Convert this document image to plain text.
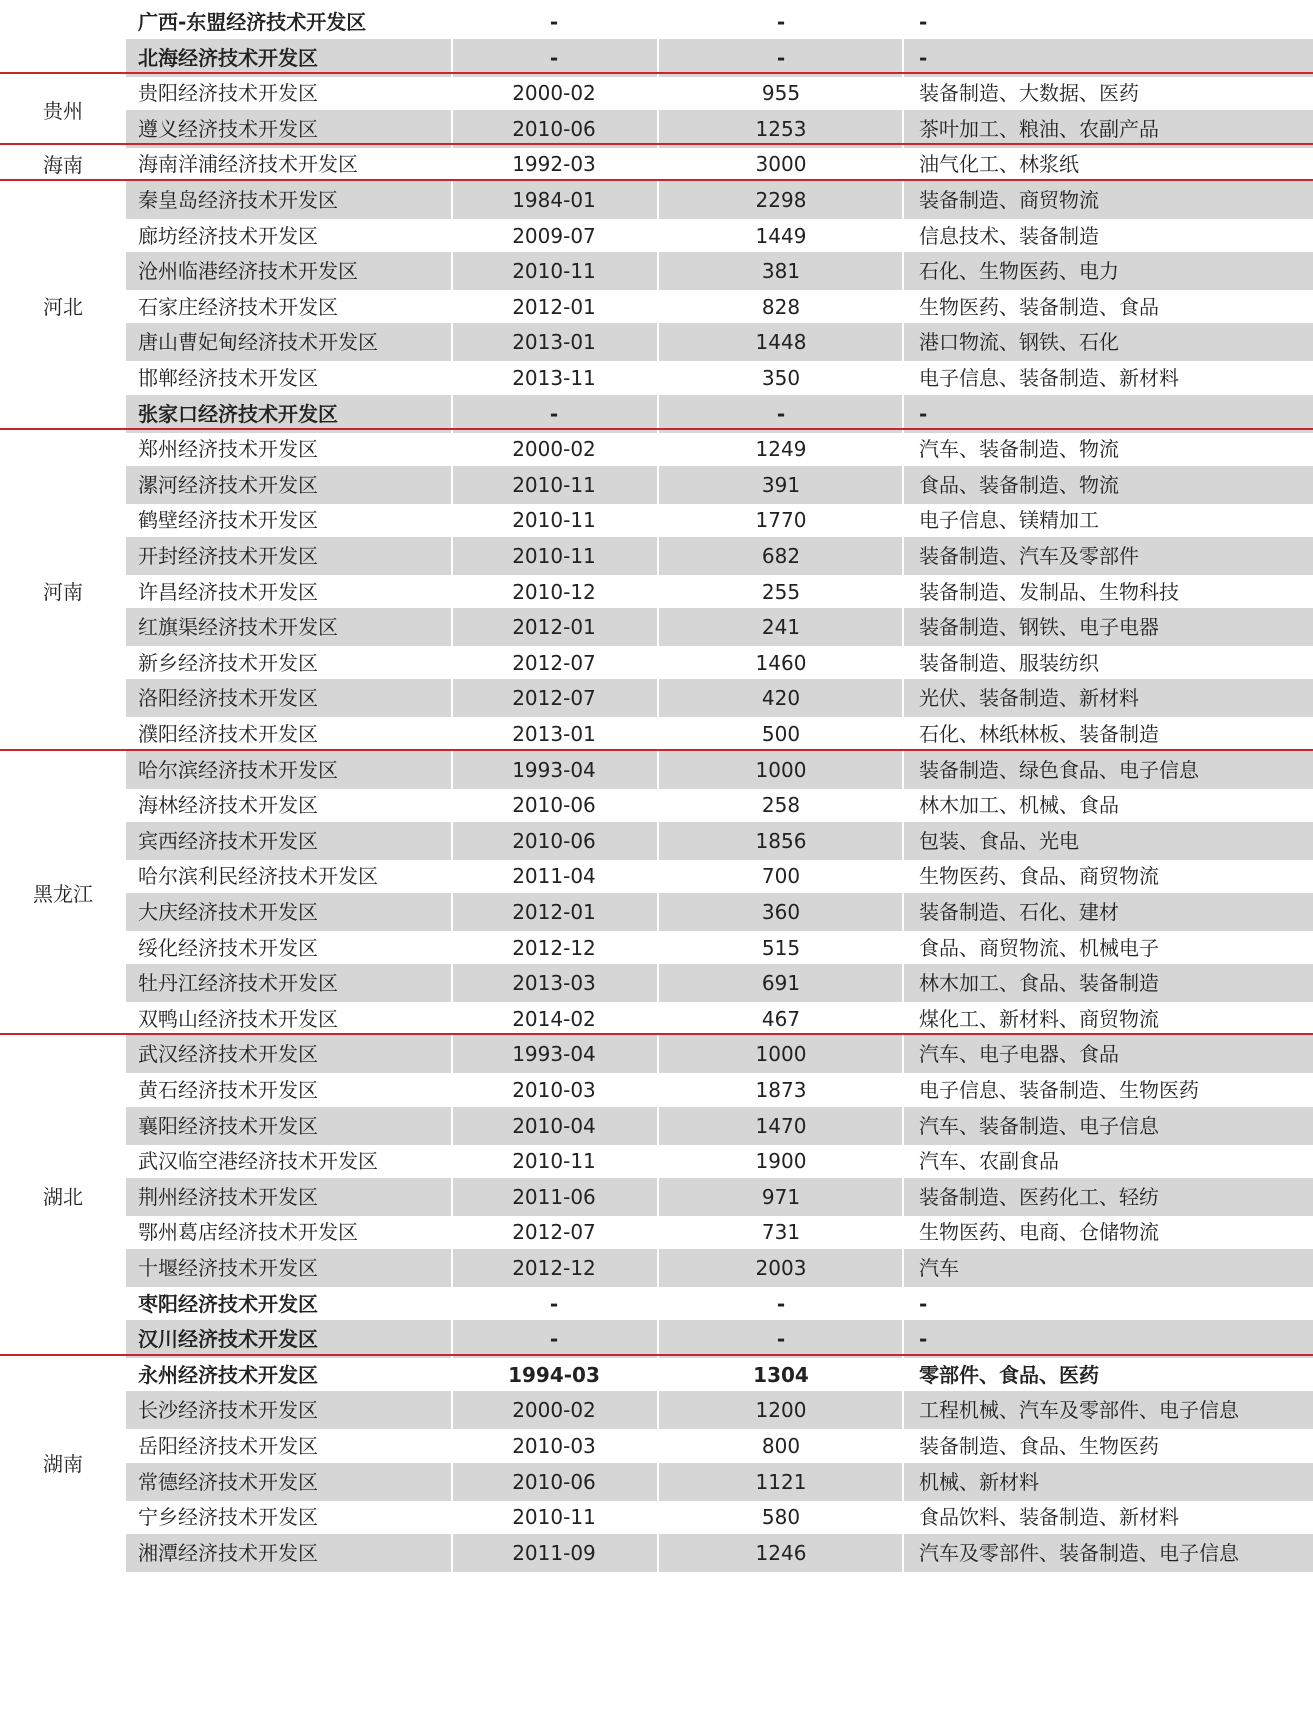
广西-东盟经济技术开发区	-	-	-
北海经济技术开发区	-	-	-
贵阳经济技术开发区	2000-02	955	装备制造、大数据、医药
遵义经济技术开发区	2010-06	1253	茶叶加工、粮油、农副产品
贵州
海南洋浦经济技术开发区	1992-03	3000	油气化工、林浆纸
海南
秦皇岛经济技术开发区	1984-01	2298	装备制造、商贸物流
廊坊经济技术开发区	2009-07	1449	信息技术、装备制造
沧州临港经济技术开发区	2010-11	381	石化、生物医药、电力
石家庄经济技术开发区	2012-01	828	生物医药、装备制造、食品
唐山曹妃甸经济技术开发区	2013-01	1448	港口物流、钢铁、石化
邯郸经济技术开发区	2013-11	350	电子信息、装备制造、新材料
张家口经济技术开发区	-	-	-
河北
郑州经济技术开发区	2000-02	1249	汽车、装备制造、物流
漯河经济技术开发区	2010-11	391	食品、装备制造、物流
鹤壁经济技术开发区	2010-11	1770	电子信息、镁精加工
开封经济技术开发区	2010-11	682	装备制造、汽车及零部件
许昌经济技术开发区	2010-12	255	装备制造、发制品、生物科技
红旗渠经济技术开发区	2012-01	241	装备制造、钢铁、电子电器
新乡经济技术开发区	2012-07	1460	装备制造、服装纺织
洛阳经济技术开发区	2012-07	420	光伏、装备制造、新材料
濮阳经济技术开发区	2013-01	500	石化、林纸林板、装备制造
河南
哈尔滨经济技术开发区	1993-04	1000	装备制造、绿色食品、电子信息
海林经济技术开发区	2010-06	258	林木加工、机械、食品
宾西经济技术开发区	2010-06	1856	包装、食品、光电
哈尔滨利民经济技术开发区	2011-04	700	生物医药、食品、商贸物流
大庆经济技术开发区	2012-01	360	装备制造、石化、建材
绥化经济技术开发区	2012-12	515	食品、商贸物流、机械电子
牡丹江经济技术开发区	2013-03	691	林木加工、食品、装备制造
双鸭山经济技术开发区	2014-02	467	煤化工、新材料、商贸物流
黑龙江
武汉经济技术开发区	1993-04	1000	汽车、电子电器、食品
黄石经济技术开发区	2010-03	1873	电子信息、装备制造、生物医药
襄阳经济技术开发区	2010-04	1470	汽车、装备制造、电子信息
武汉临空港经济技术开发区	2010-11	1900	汽车、农副食品
荆州经济技术开发区	2011-06	971	装备制造、医药化工、轻纺
鄂州葛店经济技术开发区	2012-07	731	生物医药、电商、仓储物流
十堰经济技术开发区	2012-12	2003	汽车
枣阳经济技术开发区	-	-	-
汉川经济技术开发区	-	-	-
湖北
永州经济技术开发区	1994-03	1304	零部件、食品、医药
长沙经济技术开发区	2000-02	1200	工程机械、汽车及零部件、电子信息
岳阳经济技术开发区	2010-03	800	装备制造、食品、生物医药
常德经济技术开发区	2010-06	1121	机械、新材料
宁乡经济技术开发区	2010-11	580	食品饮料、装备制造、新材料
湘潭经济技术开发区	2011-09	1246	汽车及零部件、装备制造、电子信息
湖南
